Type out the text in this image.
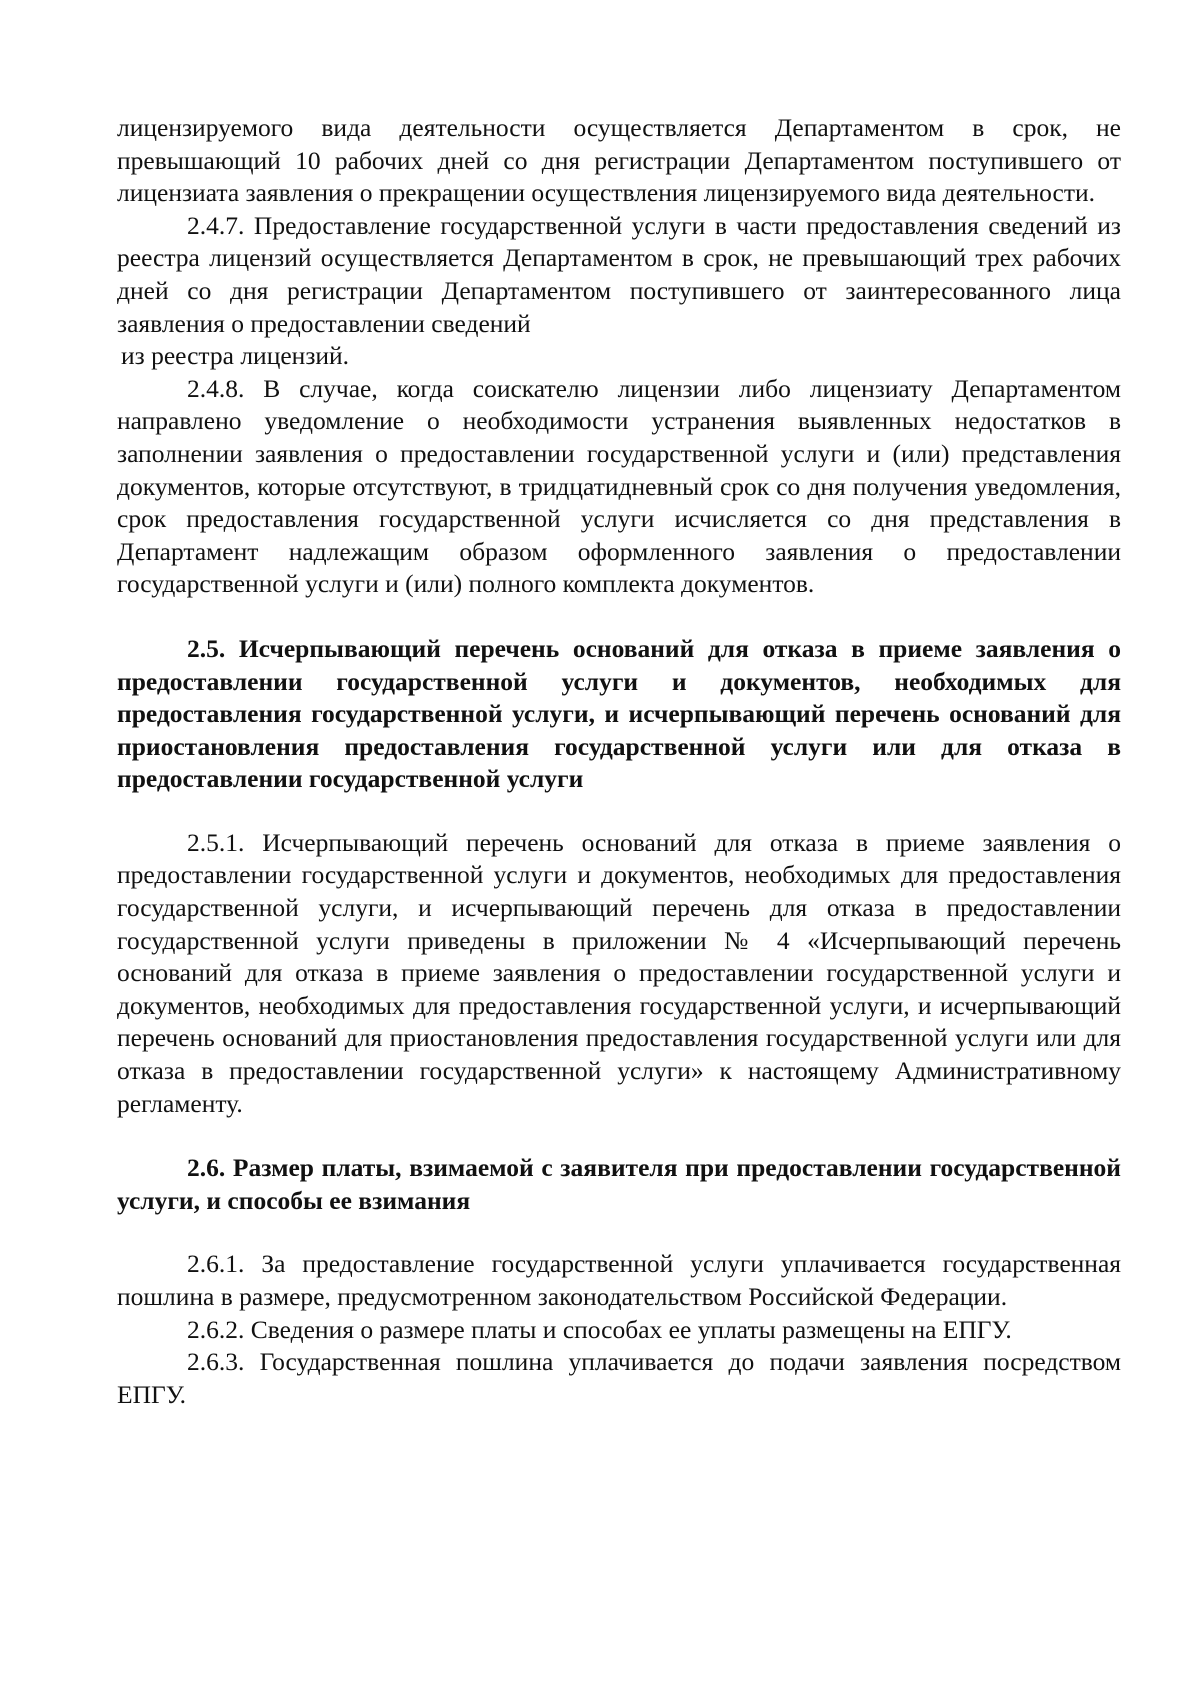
лицензируемого вида деятельности осуществляется Департаментом в срок, не превышающий 10 рабочих дней со дня регистрации Департаментом поступившего от лицензиата заявления о прекращении осуществления лицензируемого вида деятельности.

2.4.7. Предоставление государственной услуги в части предоставления сведений из реестра лицензий осуществляется Департаментом в срок, не превышающий трех рабочих дней со дня регистрации Департаментом поступившего от заинтересованного лица заявления о предоставлении сведений

из реестра лицензий.

2.4.8. В случае, когда соискателю лицензии либо лицензиату Департаментом направлено уведомление о необходимости устранения выявленных недостатков в заполнении заявления о предоставлении государственной услуги и (или) представления документов, которые отсутствуют, в тридцатидневный срок со дня получения уведомления, срок предоставления государственной услуги исчисляется со дня представления в Департамент надлежащим образом оформленного заявления о предоставлении государственной услуги и (или) полного комплекта документов.

2.5. Исчерпывающий перечень оснований для отказа в приеме заявления о предоставлении государственной услуги и документов, необходимых для предоставления государственной услуги, и исчерпывающий перечень оснований для приостановления предоставления государственной услуги или для отказа в предоставлении государственной услуги

2.5.1. Исчерпывающий перечень оснований для отказа в приеме заявления о предоставлении государственной услуги и документов, необходимых для предоставления государственной услуги, и исчерпывающий перечень для отказа в предоставлении государственной услуги приведены в приложении № 4 «Исчерпывающий перечень оснований для отказа в приеме заявления о предоставлении государственной услуги и документов, необходимых для предоставления государственной услуги, и исчерпывающий перечень оснований для приостановления предоставления государственной услуги или для отказа в предоставлении государственной услуги» к настоящему Административному регламенту.

2.6. Размер платы, взимаемой с заявителя при предоставлении государственной услуги, и способы ее взимания

2.6.1. За предоставление государственной услуги уплачивается государственная пошлина в размере, предусмотренном законодательством Российской Федерации.

2.6.2. Сведения о размере платы и способах ее уплаты размещены на ЕПГУ.

2.6.3. Государственная пошлина уплачивается до подачи заявления посредством ЕПГУ.
